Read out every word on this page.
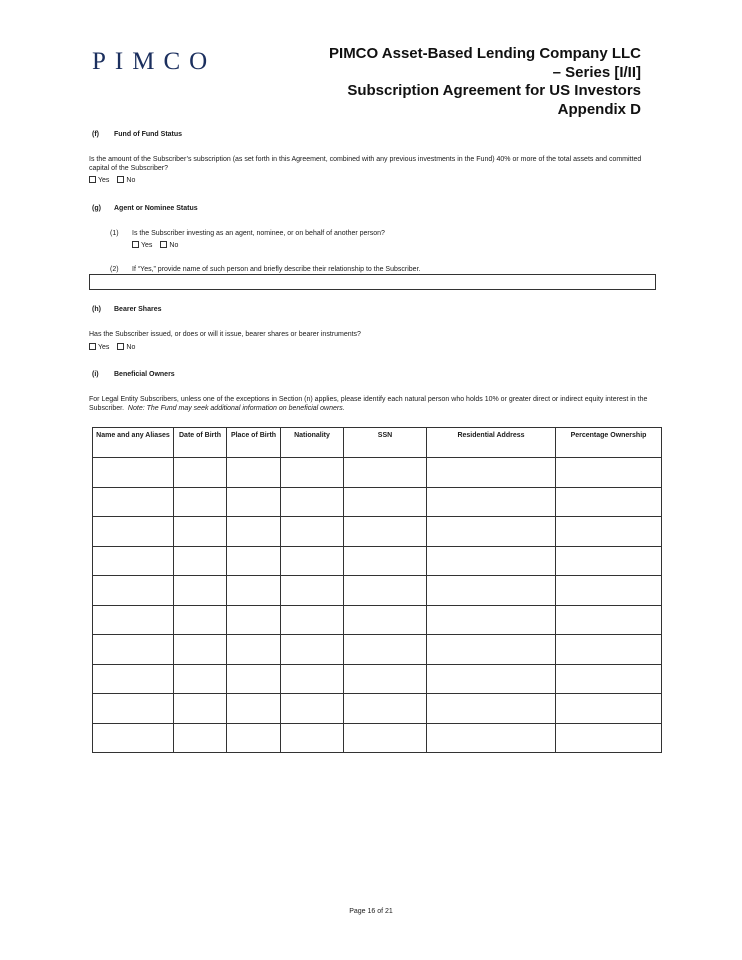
PIMCO	PIMCO Asset-Based Lending Company LLC
– Series [I/II]
Subscription Agreement for US Investors
Appendix D
(f) Fund of Fund Status
Is the amount of the Subscriber’s subscription (as set forth in this Agreement, combined with any previous investments in the Fund) 40% or more of the total assets and committed capital of the Subscriber?
Yes No
(g) Agent or Nominee Status
(1) Is the Subscriber investing as an agent, nominee, or on behalf of another person?
Yes No
(2) If “Yes,” provide name of such person and briefly describe their relationship to the Subscriber.
(h) Bearer Shares
Has the Subscriber issued, or does or will it issue, bearer shares or bearer instruments?
Yes No
(i) Beneficial Owners
For Legal Entity Subscribers, unless one of the exceptions in Section (n) applies, please identify each natural person who holds 10% or greater direct or indirect equity interest in the Subscriber. Note: The Fund may seek additional information on beneficial owners.
Name and any Aliases	Date of Birth	Place of Birth	Nationality	SSN	Residential Address	Percentage Ownership

Page 16 of 21
